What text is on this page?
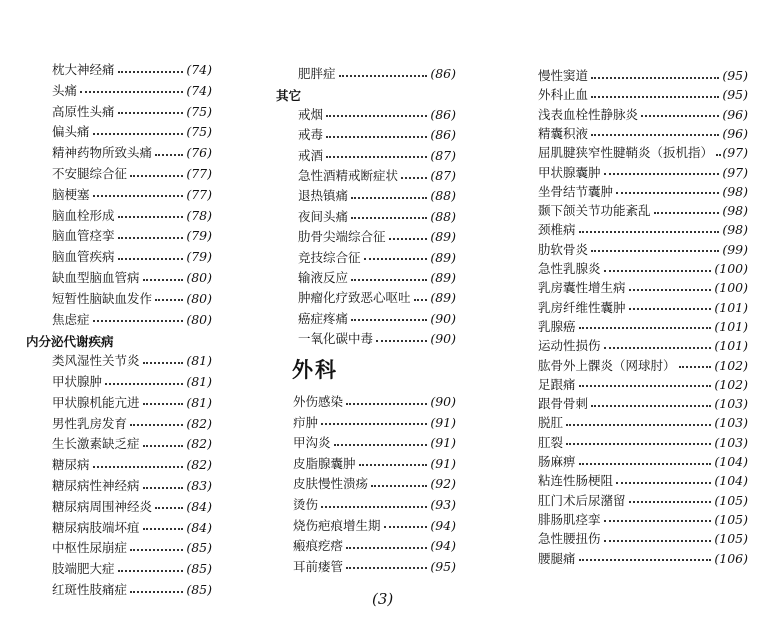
枕大神经痛	(74)
头痛	(74)
高原性头痛	(75)
偏头痛	(75)
精神药物所致头痛	(76)
不安腿综合征	(77)
脑梗塞	(77)
脑血栓形成	(78)
脑血管痉挛	(79)
脑血管疾病	(79)
缺血型脑血管病	(80)
短暂性脑缺血发作	(80)
焦虑症	(80)
内分泌代谢疾病
类风湿性关节炎	(81)
甲状腺肿	(81)
甲状腺机能亢进	(81)
男性乳房发育	(82)
生长激素缺乏症	(82)
糖尿病	(82)
糖尿病性神经病	(83)
糖尿病周围神经炎	(84)
糖尿病肢端坏疽	(84)
中枢性尿崩症	(85)
肢端肥大症	(85)
红斑性肢痛症	(85)
肥胖症	(86)
其它
戒烟	(86)
戒毒	(86)
戒酒	(87)
急性酒精戒断症状	(87)
退热镇痛	(88)
夜间头痛	(88)
肋骨尖端综合征	(89)
竞技综合征	(89)
输液反应	(89)
肿瘤化疗致恶心呕吐 (89)
癌症疼痛	(90)
一氧化碳中毒	(90)
外科
外伤感染	(90)
疖肿	(91)
甲沟炎	(91)
皮脂腺囊肿	(91)
皮肤慢性溃疡	(92)
烫伤	(93)
烧伤疤痕增生期	(94)
瘢痕疙瘩	(94)
耳前瘘管	(95)
慢性窦道	(95)
外科止血	(95)
浅表血栓性静脉炎	(96)
精囊积液	(96)
屈肌腱狭窄性腱鞘炎（扳机指） (97)
甲状腺囊肿	(97)
坐骨结节囊肿	(98)
颞下颌关节功能紊乱	(98)
颈椎病	(98)
肋软骨炎	(99)
急性乳腺炎	(100)
乳房囊性增生病	(100)
乳房纤维性囊肿	(101)
乳腺癌	(101)
运动性损伤	(101)
肱骨外上髁炎（网球肘）	(102)
足跟痛	(102)
跟骨骨刺	(103)
脱肛	(103)
肛裂	(103)
肠麻痹	(104)
粘连性肠梗阻	(104)
肛门术后尿潴留	(105)
腓肠肌痉挛	(105)
急性腰扭伤	(105)
腰腿痛	(106)
(3)
